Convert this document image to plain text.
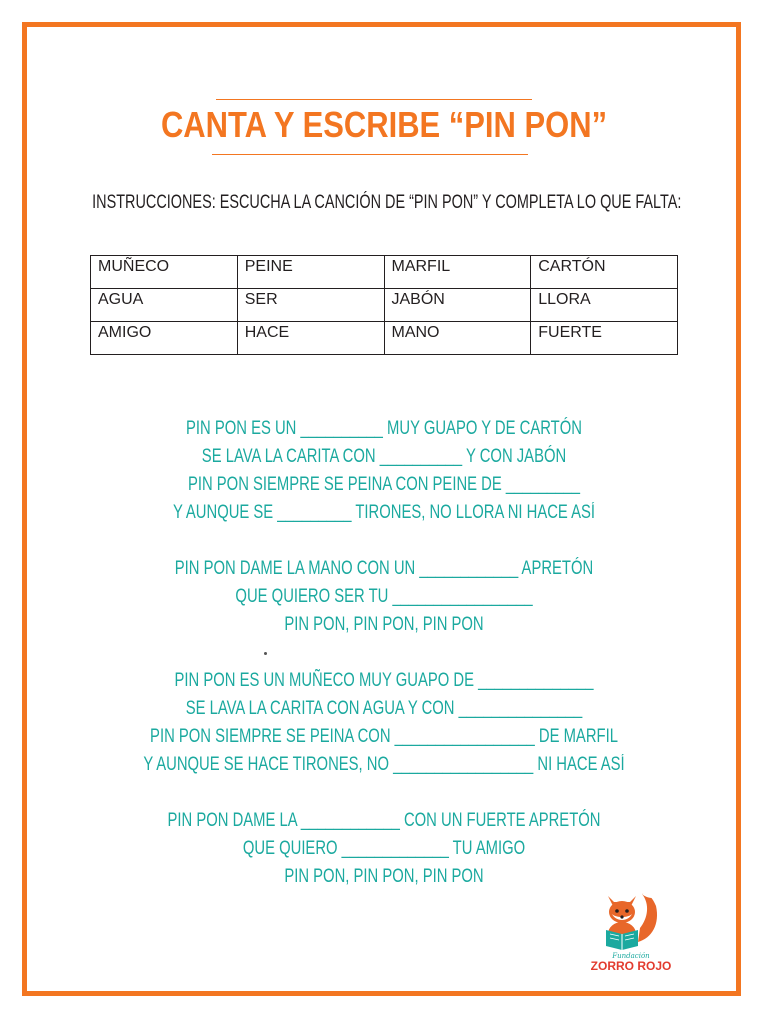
CANTA Y ESCRIBE “PIN PON”
INSTRUCCIONES: ESCUCHA LA CANCIÓN DE “PIN PON” Y COMPLETA LO QUE FALTA:
MUÑECO	PEINE	MARFIL	CARTÓN
AGUA	SER	JABÓN	LLORA
AMIGO	HACE	MANO	FUERTE
PIN PON ES UN __________ MUY GUAPO Y DE CARTÓN
SE LAVA LA CARITA CON __________ Y CON JABÓN
PIN PON SIEMPRE SE PEINA CON PEINE DE _________
Y AUNQUE SE _________ TIRONES, NO LLORA NI HACE ASÍ
PIN PON DAME LA MANO CON UN ____________ APRETÓN
QUE QUIERO SER TU _________________
PIN PON, PIN PON, PIN PON
PIN PON ES UN MUÑECO MUY GUAPO DE ______________
SE LAVA LA CARITA CON AGUA Y CON _______________
PIN PON SIEMPRE SE PEINA CON _________________ DE MARFIL
Y AUNQUE SE HACE TIRONES, NO _________________ NI HACE ASÍ
PIN PON DAME LA ____________ CON UN FUERTE APRETÓN
QUE QUIERO _____________ TU AMIGO
PIN PON, PIN PON, PIN PON
Fundación
ZORRO ROJO
